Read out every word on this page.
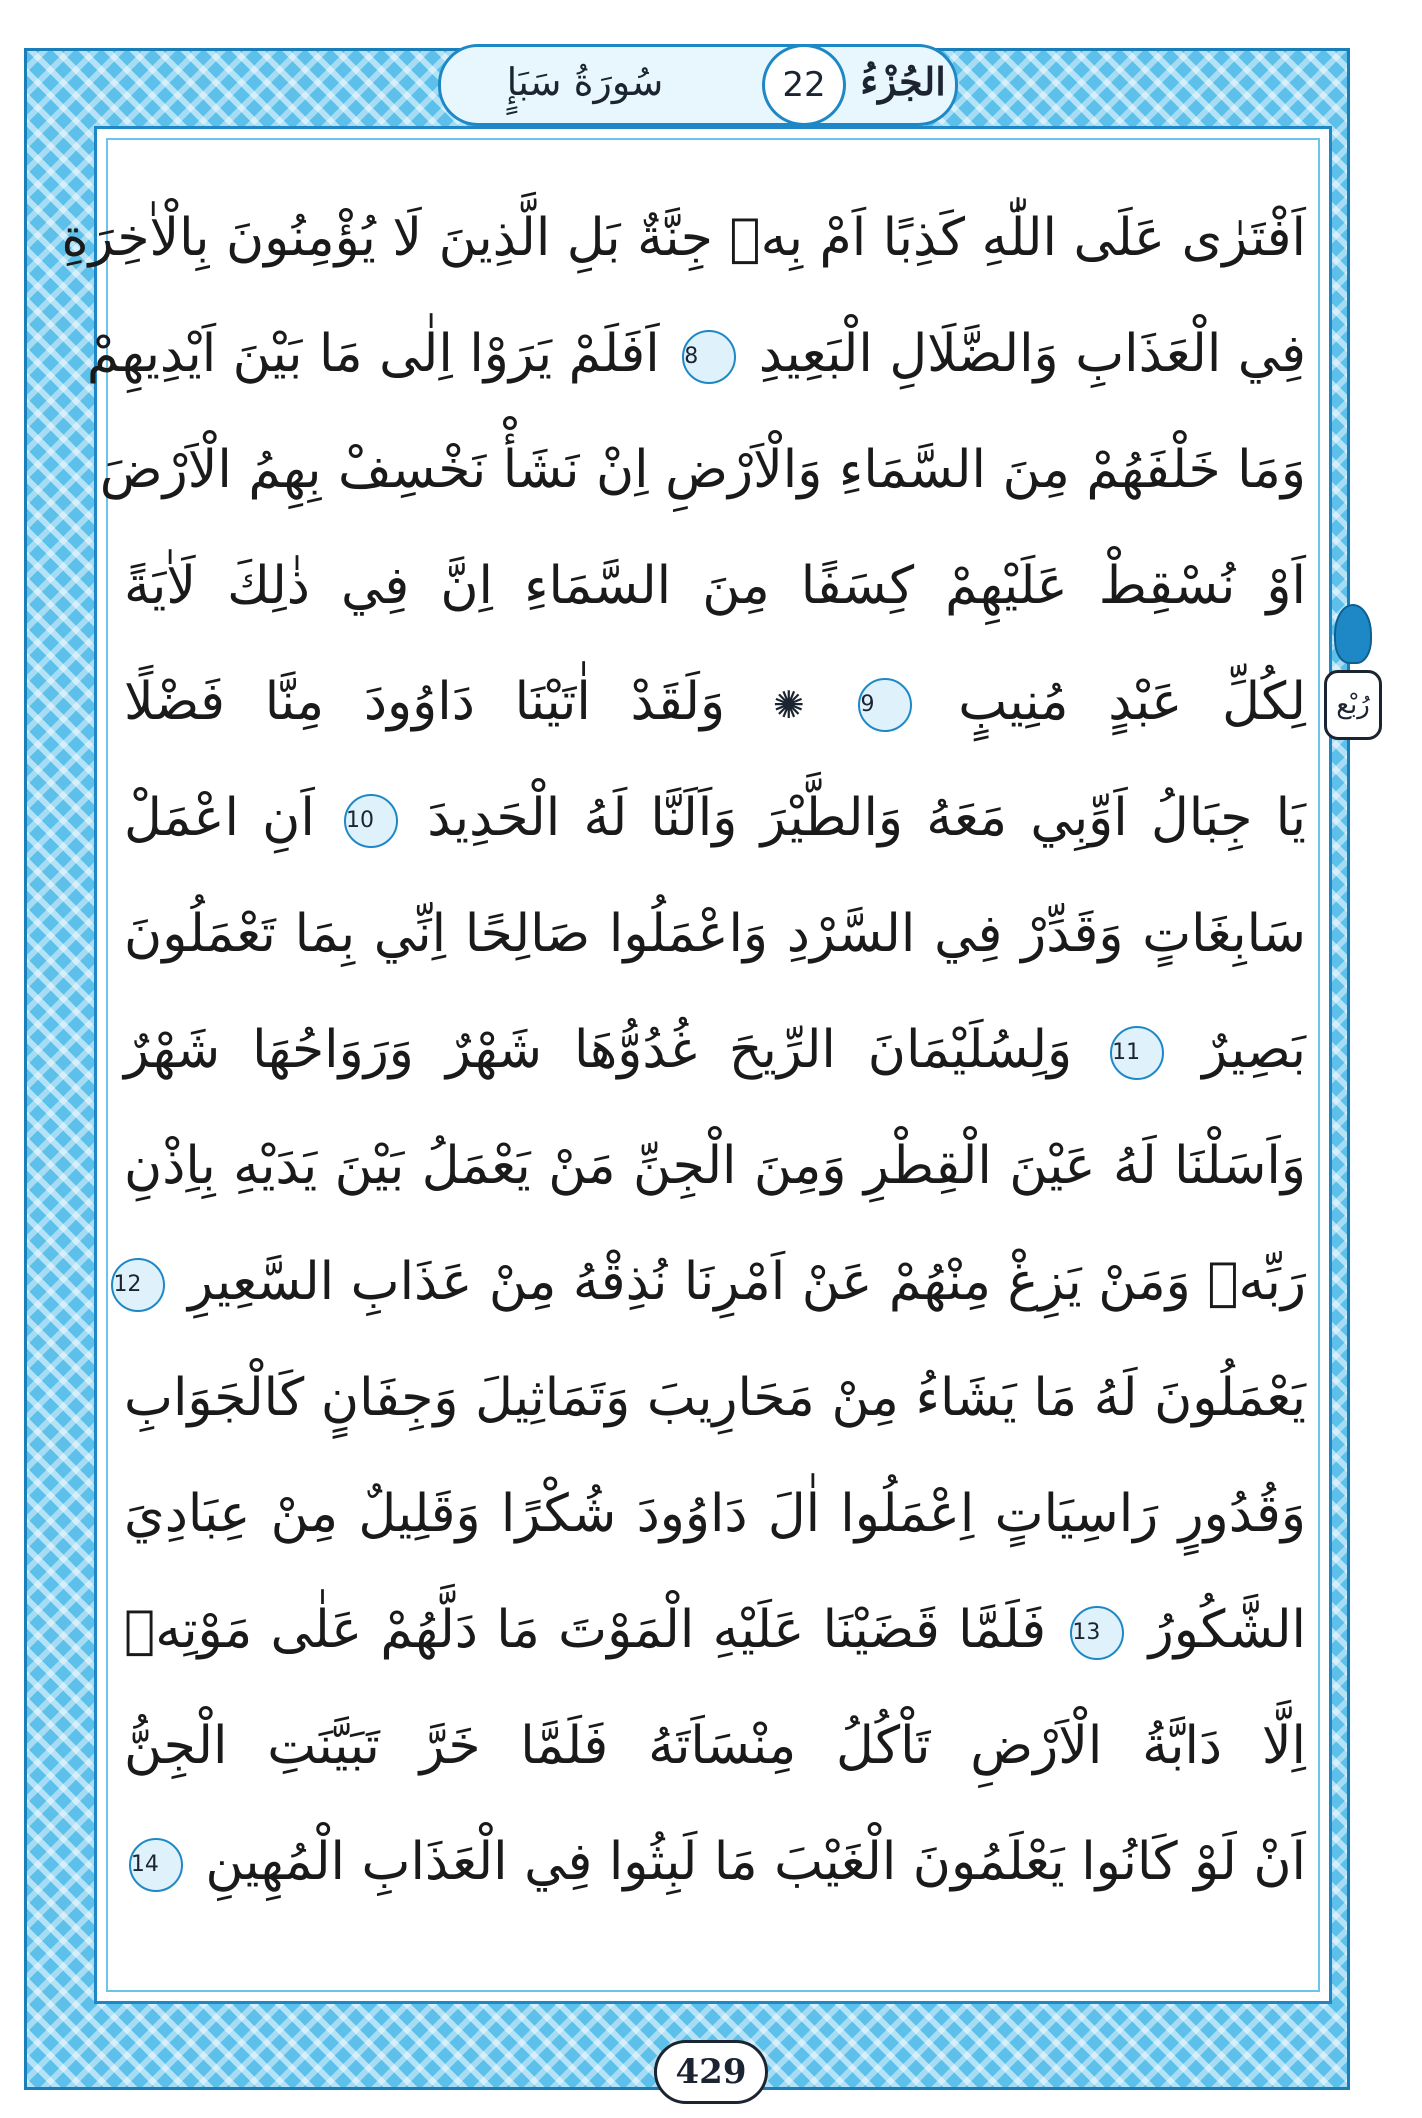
سُورَةُ سَبَإٍ	22 الجُزْءُ
رُبْع
اَفْتَرٰى عَلَى اللّٰهِ كَذِبًا اَمْ بِهٖ جِنَّةٌ بَلِ الَّذِينَ لَا يُؤْمِنُونَ بِالْاٰخِرَةِ
فِي الْعَذَابِ وَالضَّلَالِ الْبَعِيدِ 8 اَفَلَمْ يَرَوْا اِلٰى مَا بَيْنَ اَيْدِيهِمْ
وَمَا خَلْفَهُمْ مِنَ السَّمَاءِ وَالْاَرْضِ اِنْ نَشَأْ نَخْسِفْ بِهِمُ الْاَرْضَ
اَوْ نُسْقِطْ عَلَيْهِمْ كِسَفًا مِنَ السَّمَاءِ اِنَّ فِي ذٰلِكَ لَاٰيَةً
لِكُلِّ عَبْدٍ مُنِيبٍ 9 ✺ وَلَقَدْ اٰتَيْنَا دَاوُودَ مِنَّا فَضْلًا
يَا جِبَالُ اَوِّبِي مَعَهُ وَالطَّيْرَ وَاَلَنَّا لَهُ الْحَدِيدَ 10 اَنِ اعْمَلْ
سَابِغَاتٍ وَقَدِّرْ فِي السَّرْدِ وَاعْمَلُوا صَالِحًا اِنِّي بِمَا تَعْمَلُونَ
بَصِيرٌ 11 وَلِسُلَيْمَانَ الرِّيحَ غُدُوُّهَا شَهْرٌ وَرَوَاحُهَا شَهْرٌ
وَاَسَلْنَا لَهُ عَيْنَ الْقِطْرِ وَمِنَ الْجِنِّ مَنْ يَعْمَلُ بَيْنَ يَدَيْهِ بِاِذْنِ
رَبِّهٖ وَمَنْ يَزِغْ مِنْهُمْ عَنْ اَمْرِنَا نُذِقْهُ مِنْ عَذَابِ السَّعِيرِ 12
يَعْمَلُونَ لَهُ مَا يَشَاءُ مِنْ مَحَارِيبَ وَتَمَاثِيلَ وَجِفَانٍ كَالْجَوَابِ
وَقُدُورٍ رَاسِيَاتٍ اِعْمَلُوا اٰلَ دَاوُودَ شُكْرًا وَقَلِيلٌ مِنْ عِبَادِيَ
الشَّكُورُ 13 فَلَمَّا قَضَيْنَا عَلَيْهِ الْمَوْتَ مَا دَلَّهُمْ عَلٰى مَوْتِهٖ
اِلَّا دَابَّةُ الْاَرْضِ تَاْكُلُ مِنْسَاَتَهُ فَلَمَّا خَرَّ تَبَيَّنَتِ الْجِنُّ
اَنْ لَوْ كَانُوا يَعْلَمُونَ الْغَيْبَ مَا لَبِثُوا فِي الْعَذَابِ الْمُهِينِ 14
429
